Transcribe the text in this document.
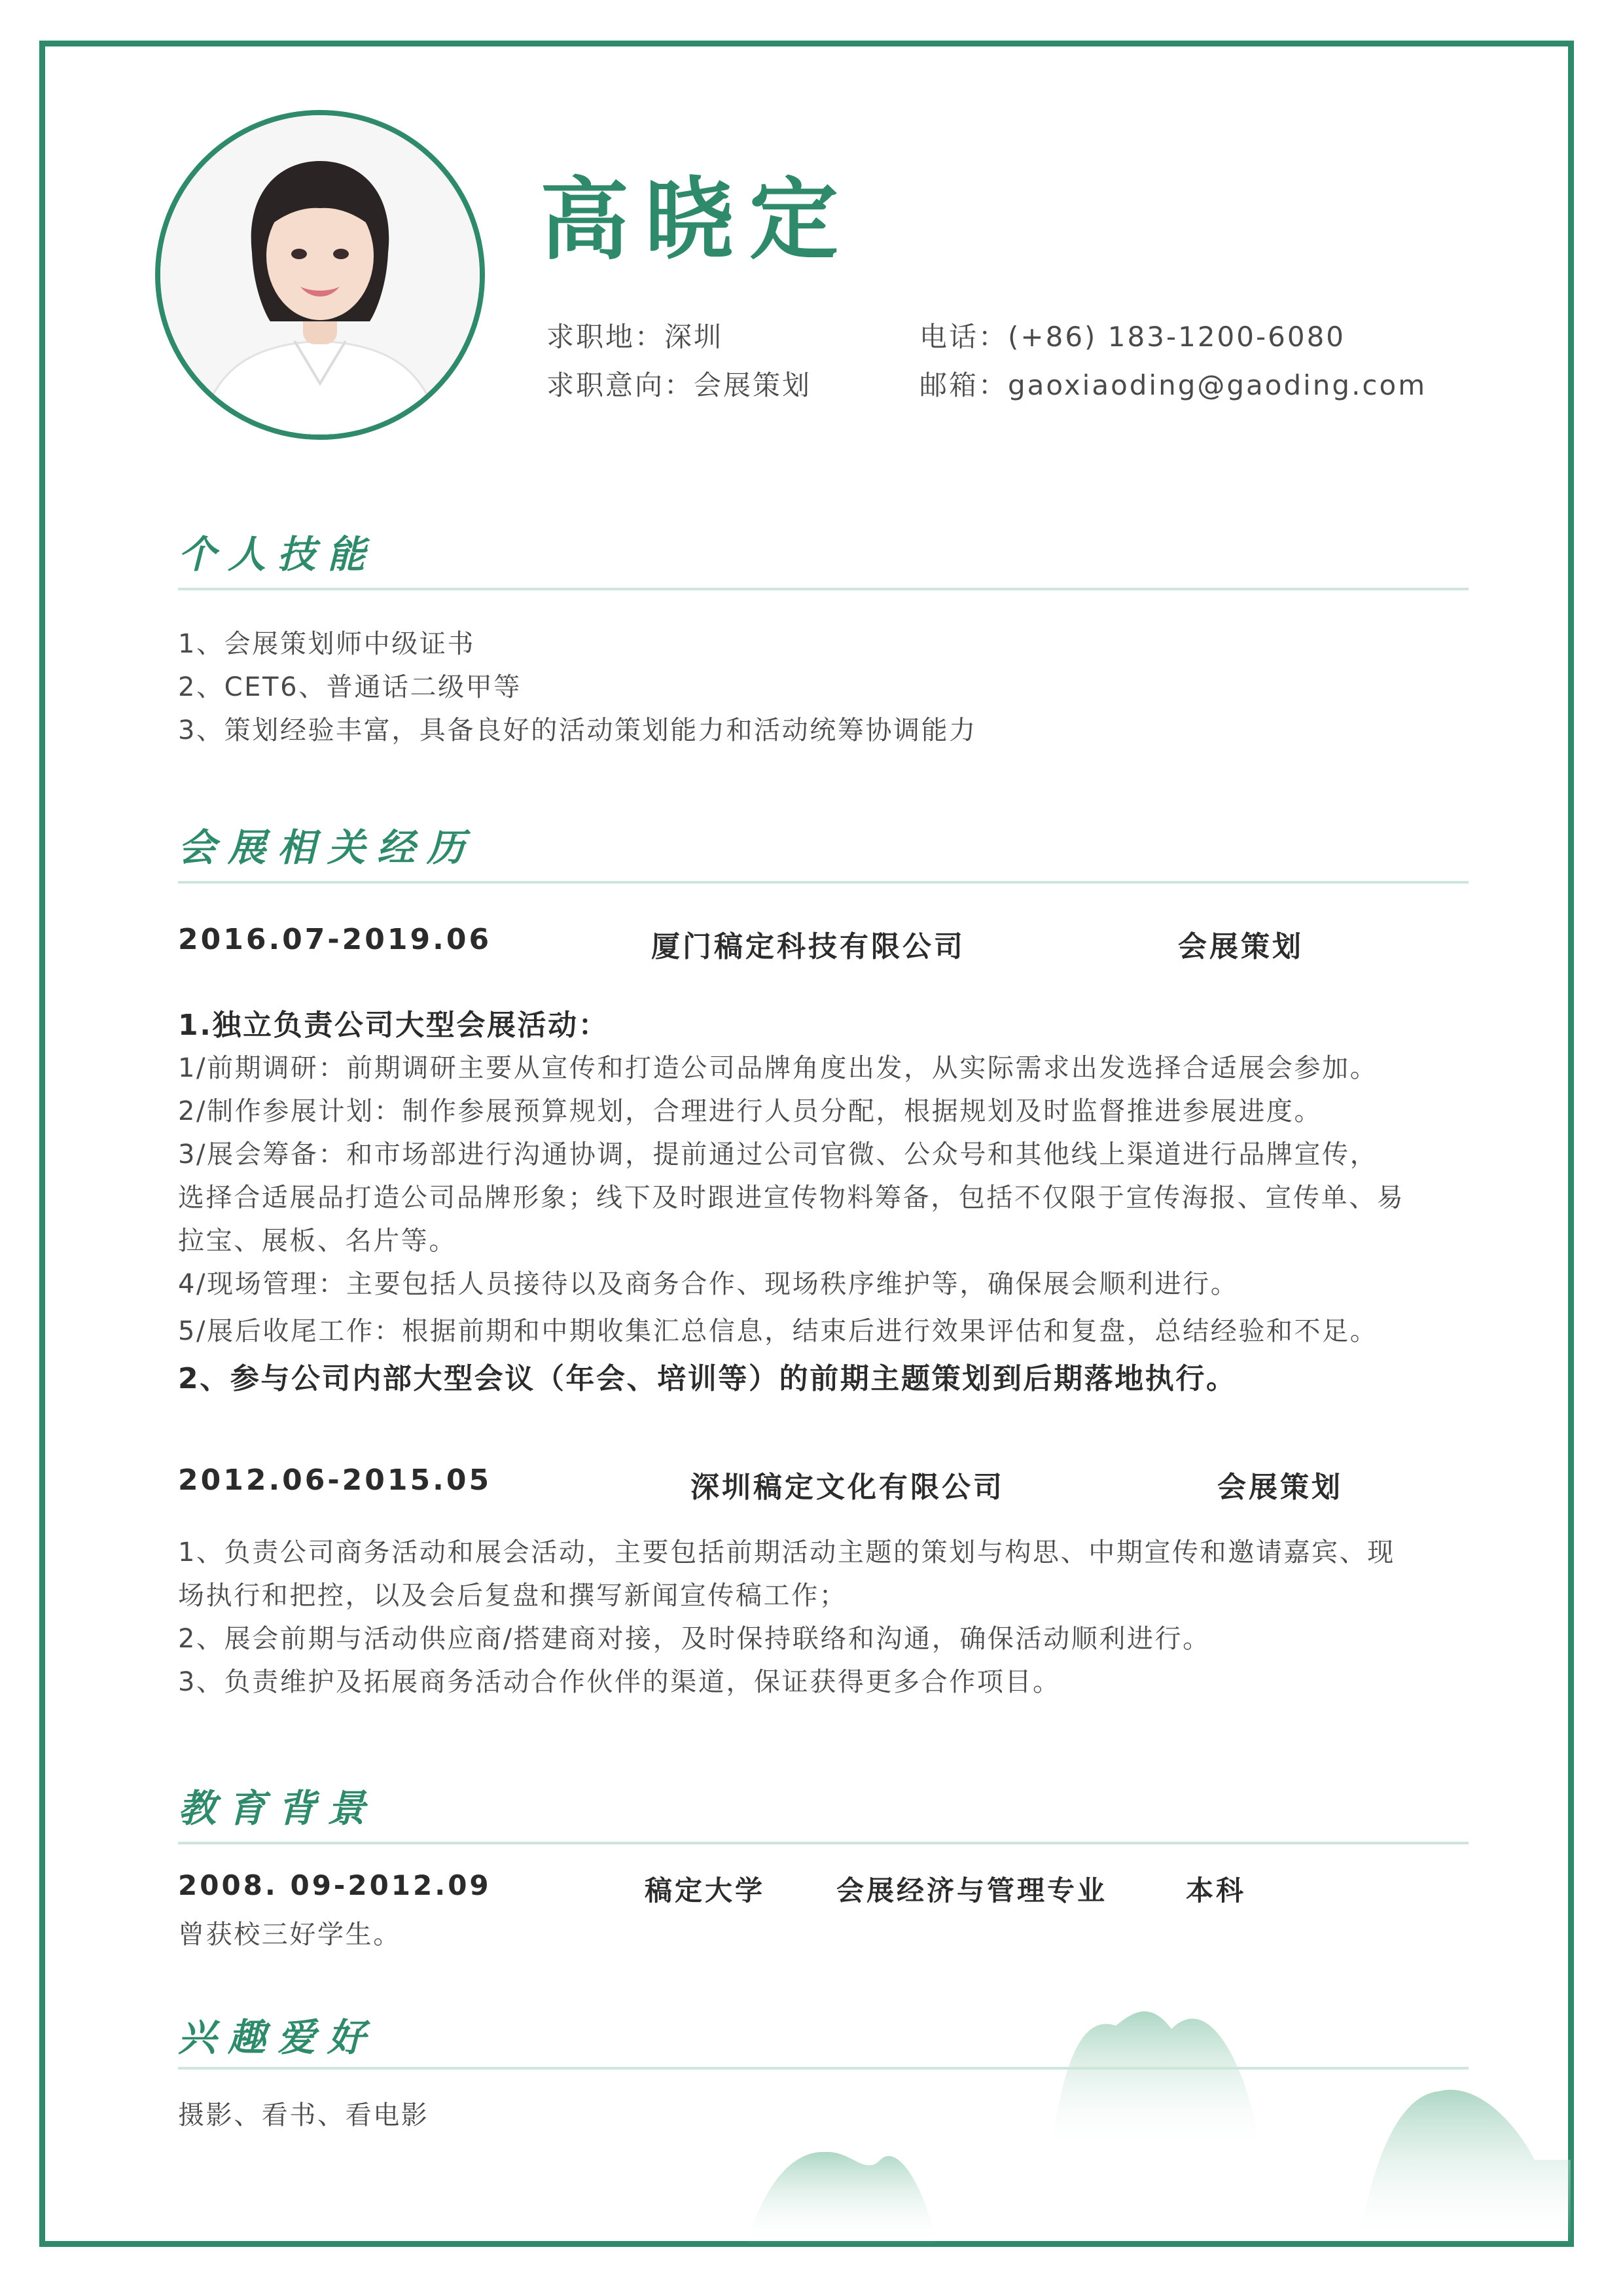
高晓定
求职地：深圳
求职意向：会展策划
电话：(+86) 183-1200-6080
邮箱：gaoxiaoding@gaoding.com
个人技能
1、会展策划师中级证书
2、CET6、普通话二级甲等
3、策划经验丰富，具备良好的活动策划能力和活动统筹协调能力
会展相关经历
2016.07-2019.06	厦门稿定科技有限公司	会展策划
1.独立负责公司大型会展活动：
1/前期调研：前期调研主要从宣传和打造公司品牌角度出发，从实际需求出发选择合适展会参加。
2/制作参展计划：制作参展预算规划，合理进行人员分配，根据规划及时监督推进参展进度。
3/展会筹备：和市场部进行沟通协调，提前通过公司官微、公众号和其他线上渠道进行品牌宣传，
选择合适展品打造公司品牌形象；线下及时跟进宣传物料筹备，包括不仅限于宣传海报、宣传单、易
拉宝、展板、名片等。
4/现场管理：主要包括人员接待以及商务合作、现场秩序维护等，确保展会顺利进行。
5/展后收尾工作：根据前期和中期收集汇总信息，结束后进行效果评估和复盘，总结经验和不足。
2、参与公司内部大型会议（年会、培训等）的前期主题策划到后期落地执行。
2012.06-2015.05	深圳稿定文化有限公司	会展策划
1、负责公司商务活动和展会活动，主要包括前期活动主题的策划与构思、中期宣传和邀请嘉宾、现
场执行和把控，以及会后复盘和撰写新闻宣传稿工作；
2、展会前期与活动供应商/搭建商对接，及时保持联络和沟通，确保活动顺利进行。
3、负责维护及拓展商务活动合作伙伴的渠道，保证获得更多合作项目。
教育背景
2008. 09-2012.09	稿定大学	会展经济与管理专业	本科
曾获校三好学生。
兴趣爱好
摄影、看书、看电影
